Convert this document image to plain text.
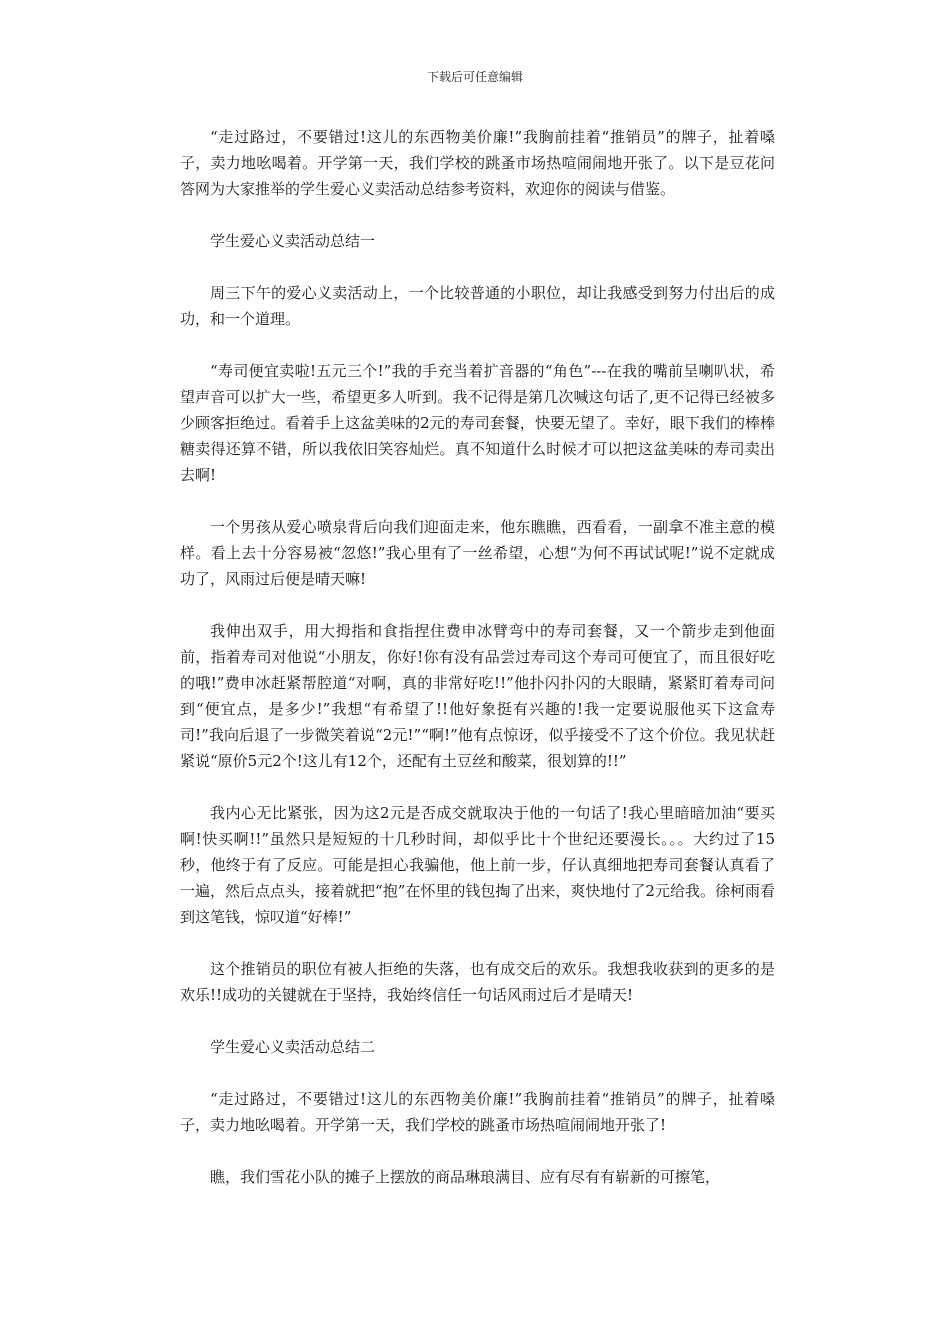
下载后可任意编辑

“走过路过，不要错过!这儿的东西物美价廉!”我胸前挂着“推销员”的牌子，扯着嗓子，卖力地吆喝着。开学第一天，我们学校的跳蚤市场热喧闹闹地开张了。以下是豆花问答网为大家推举的学生爱心义卖活动总结参考资料，欢迎你的阅读与借鉴。

学生爱心义卖活动总结一

周三下午的爱心义卖活动上，一个比较普通的小职位，却让我感受到努力付出后的成功，和一个道理。

“寿司便宜卖啦!五元三个!”我的手充当着扩音器的“角色”---在我的嘴前呈喇叭状，希望声音可以扩大一些，希望更多人听到。我不记得是第几次喊这句话了,更不记得已经被多少顾客拒绝过。看着手上这盆美味的2元的寿司套餐，快要无望了。幸好，眼下我们的棒棒糖卖得还算不错，所以我依旧笑容灿烂。真不知道什么时候才可以把这盆美味的寿司卖出去啊!

一个男孩从爱心喷泉背后向我们迎面走来，他东瞧瞧，西看看，一副拿不准主意的模样。看上去十分容易被“忽悠!”我心里有了一丝希望，心想“为何不再试试呢!”说不定就成功了，风雨过后便是晴天嘛!

我伸出双手，用大拇指和食指捏住费申冰臂弯中的寿司套餐，又一个箭步走到他面前，指着寿司对他说“小朋友，你好!你有没有品尝过寿司这个寿司可便宜了，而且很好吃的哦!”费申冰赶紧帮腔道“对啊，真的非常好吃!!”他扑闪扑闪的大眼睛，紧紧盯着寿司问到“便宜点，是多少!”我想“有希望了!!他好象挺有兴趣的!我一定要说服他买下这盒寿司!”我向后退了一步微笑着说“2元!”“啊!”他有点惊讶，似乎接受不了这个价位。我见状赶紧说“原价5元2个!这儿有12个，还配有土豆丝和酸菜，很划算的!!”

我内心无比紧张，因为这2元是否成交就取决于他的一句话了!我心里暗暗加油“要买啊!快买啊!!”虽然只是短短的十几秒时间，却似乎比十个世纪还要漫长。。。大约过了15秒，他终于有了反应。可能是担心我骗他，他上前一步，仔认真细地把寿司套餐认真看了一遍，然后点点头，接着就把“抱”在怀里的钱包掏了出来，爽快地付了2元给我。徐柯雨看到这笔钱，惊叹道“好棒!”

这个推销员的职位有被人拒绝的失落，也有成交后的欢乐。我想我收获到的更多的是欢乐!!成功的关键就在于坚持，我始终信任一句话风雨过后才是晴天!

学生爱心义卖活动总结二

“走过路过，不要错过!这儿的东西物美价廉!”我胸前挂着“推销员”的牌子，扯着嗓子，卖力地吆喝着。开学第一天，我们学校的跳蚤市场热喧闹闹地开张了!

瞧，我们雪花小队的摊子上摆放的商品琳琅满目、应有尽有有崭新的可擦笔，
